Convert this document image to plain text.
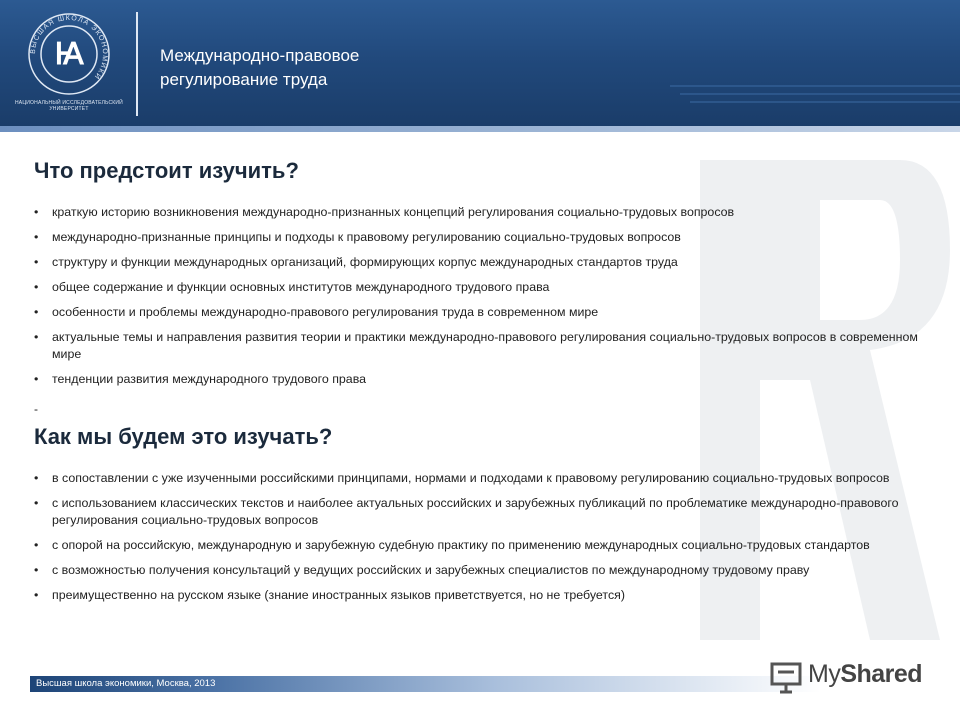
Ꙗ
ВЫСШАЯ ШКОЛА ЭКОНОМИКИ
НАЦИОНАЛЬНЫЙ ИССЛЕДОВАТЕЛЬСКИЙ
УНИВЕРСИТЕТ
Международно-правовое
регулирование труда
Что предстоит изучить?
• краткую историю возникновения международно-признанных концепций регулирования социально-трудовых вопросов
• международно-признанные принципы и подходы к правовому регулированию социально-трудовых вопросов
• структуру и функции международных организаций, формирующих корпус международных стандартов труда
• общее содержание и функции основных институтов международного трудового права
• особенности и проблемы международно-правового регулирования труда в современном мире
• актуальные темы и направления развития теории и практики международно-правового регулирования социально-трудовых вопросов в современном мире
• тенденции развития международного трудового права
-
Как мы будем это изучать?
• в сопоставлении с уже изученными российскими принципами, нормами и подходами к правовому регулированию социально-трудовых вопросов
• с использованием классических текстов и наиболее актуальных российских и зарубежных публикаций по проблематике международно-правового регулирования социально-трудовых вопросов
• с опорой на российскую, международную и зарубежную судебную практику по применению международных социально-трудовых стандартов
• с возможностью получения консультаций у ведущих российских и зарубежных специалистов по международному трудовому праву
• преимущественно на русском языке (знание иностранных языков приветствуется, но не требуется)
Высшая школа экономики, Москва, 2013	MyShared
